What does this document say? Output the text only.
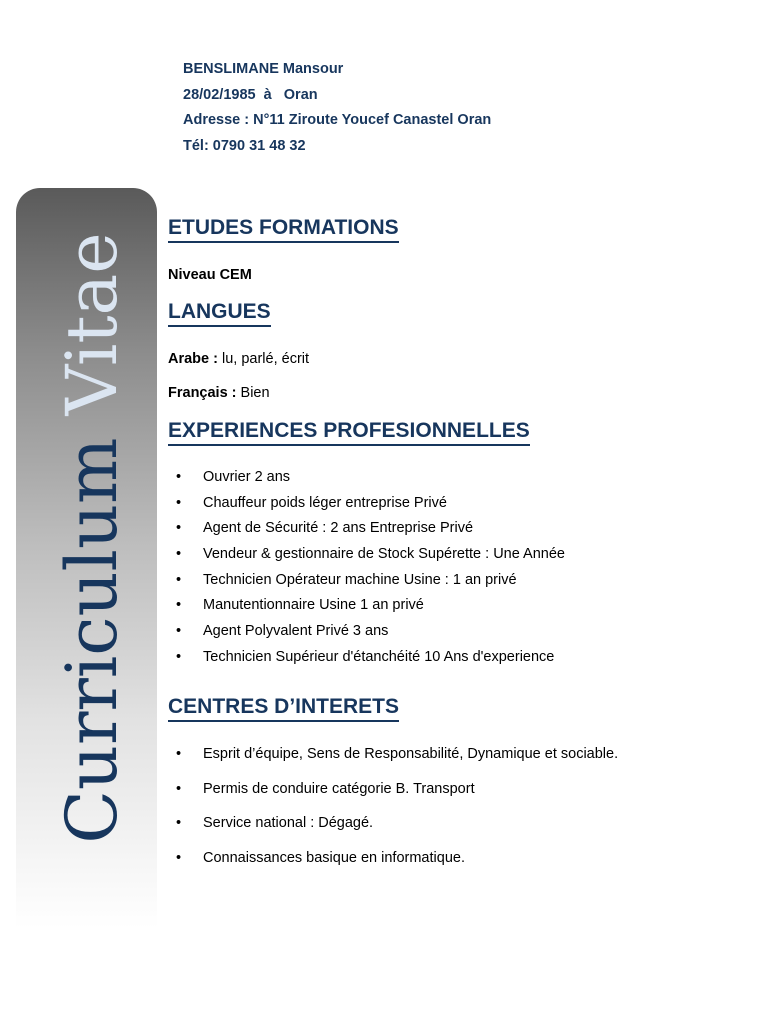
BENSLIMANE Mansour
28/02/1985  à   Oran
Adresse : N°11 Ziroute Youcef Canastel Oran
Tél: 0790 31 48 32
Curriculum Vitae
ETUDES FORMATIONS
Niveau CEM
LANGUES
Arabe : lu, parlé, écrit
Français : Bien
EXPERIENCES PROFESIONNELLES
• Ouvrier 2 ans
• Chauffeur poids léger entreprise Privé
• Agent de Sécurité : 2 ans Entreprise Privé
• Vendeur & gestionnaire de Stock Supérette : Une Année
• Technicien Opérateur machine Usine : 1 an privé
• Manutentionnaire Usine 1 an privé
• Agent Polyvalent Privé 3 ans
• Technicien Supérieur d'étanchéité 10 Ans d'experience
CENTRES D’INTERETS
• Esprit d’équipe, Sens de Responsabilité, Dynamique et sociable.
• Permis de conduire catégorie B. Transport
• Service national : Dégagé.
• Connaissances basique en informatique.
